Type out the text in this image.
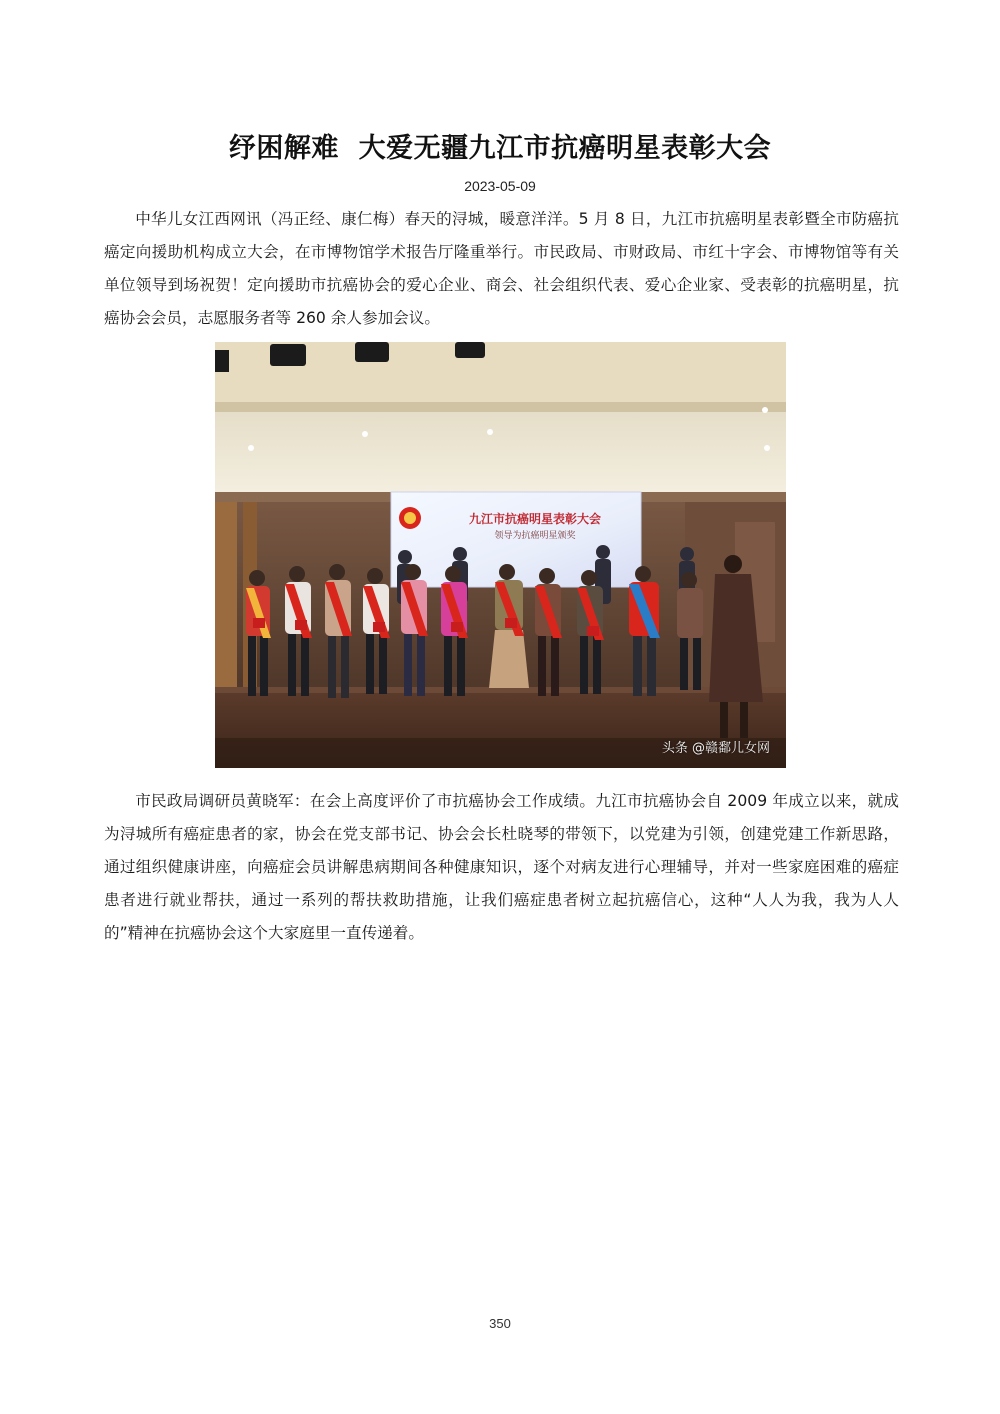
纾困解难  大爱无疆九江市抗癌明星表彰大会
2023-05-09

中华儿女江西网讯（冯正经、康仁梅）春天的浔城，暖意洋洋。5 月 8 日，九江市抗癌明星表彰暨全市防癌抗癌定向援助机构成立大会，在市博物馆学术报告厅隆重举行。市民政局、市财政局、市红十字会、市博物馆等有关单位领导到场祝贺！定向援助市抗癌协会的爱心企业、商会、社会组织代表、爱心企业家、受表彰的抗癌明星，抗癌协会会员，志愿服务者等 260 余人参加会议。

九江市抗癌明星表彰大会
领导为抗癌明星颁奖
头条 @赣鄱儿女网

市民政局调研员黄晓军：在会上高度评价了市抗癌协会工作成绩。九江市抗癌协会自 2009 年成立以来，就成为浔城所有癌症患者的家，协会在党支部书记、协会会长杜晓琴的带领下，以党建为引领，创建党建工作新思路，通过组织健康讲座，向癌症会员讲解患病期间各种健康知识，逐个对病友进行心理辅导，并对一些家庭困难的癌症患者进行就业帮扶，通过一系列的帮扶救助措施，让我们癌症患者树立起抗癌信心，这种“人人为我，我为人人的”精神在抗癌协会这个大家庭里一直传递着。

350
